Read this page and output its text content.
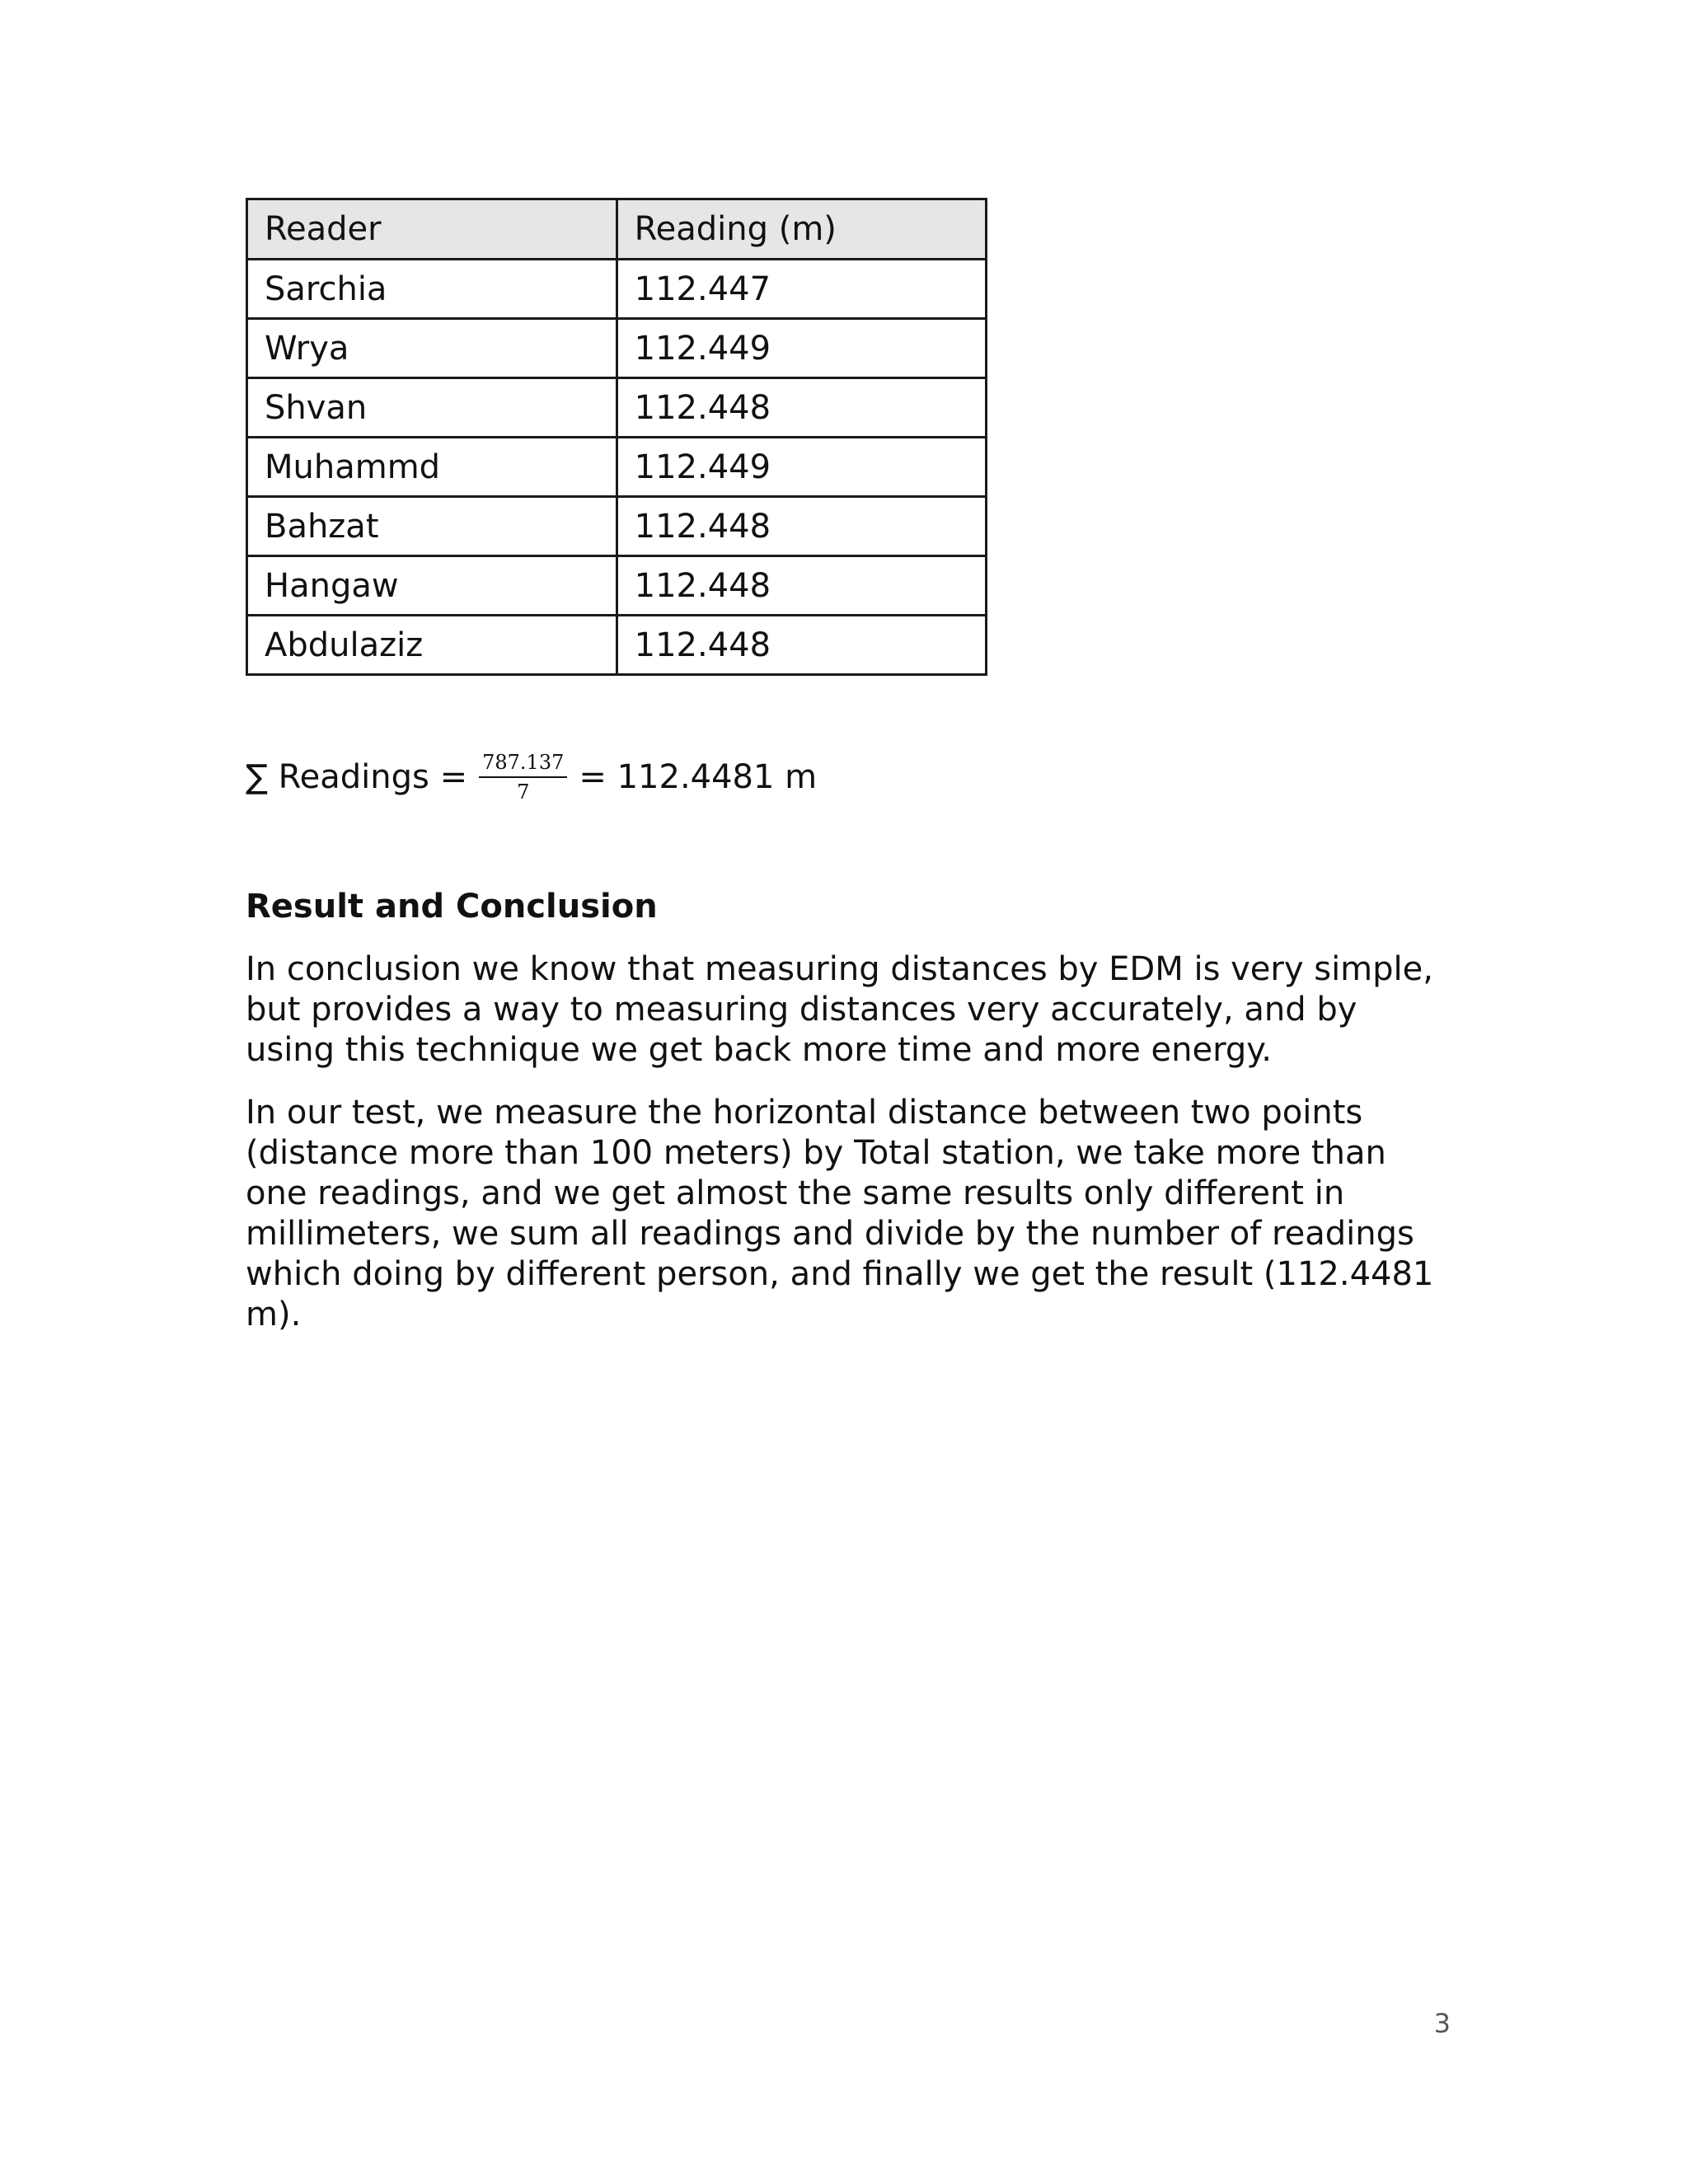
Reader	Reading (m)
Sarchia	112.447
Wrya	112.449
Shvan	112.448
Muhammd	112.449
Bahzat	112.448
Hangaw	112.448
Abdulaziz	112.448
∑ Readings = $\frac{787.137}{7} = 112.4481$ m
Result and Conclusion

In conclusion we know that measuring distances by EDM is very simple, but provides a way to measuring distances very accurately, and by using this technique we get back more time and more energy.

In our test, we measure the horizontal distance between two points (distance more than 100 meters) by Total station, we take more than one readings, and we get almost the same results only different in millimeters, we sum all readings and divide by the number of readings which doing by different person, and finally we get the result (112.4481 m).

3
